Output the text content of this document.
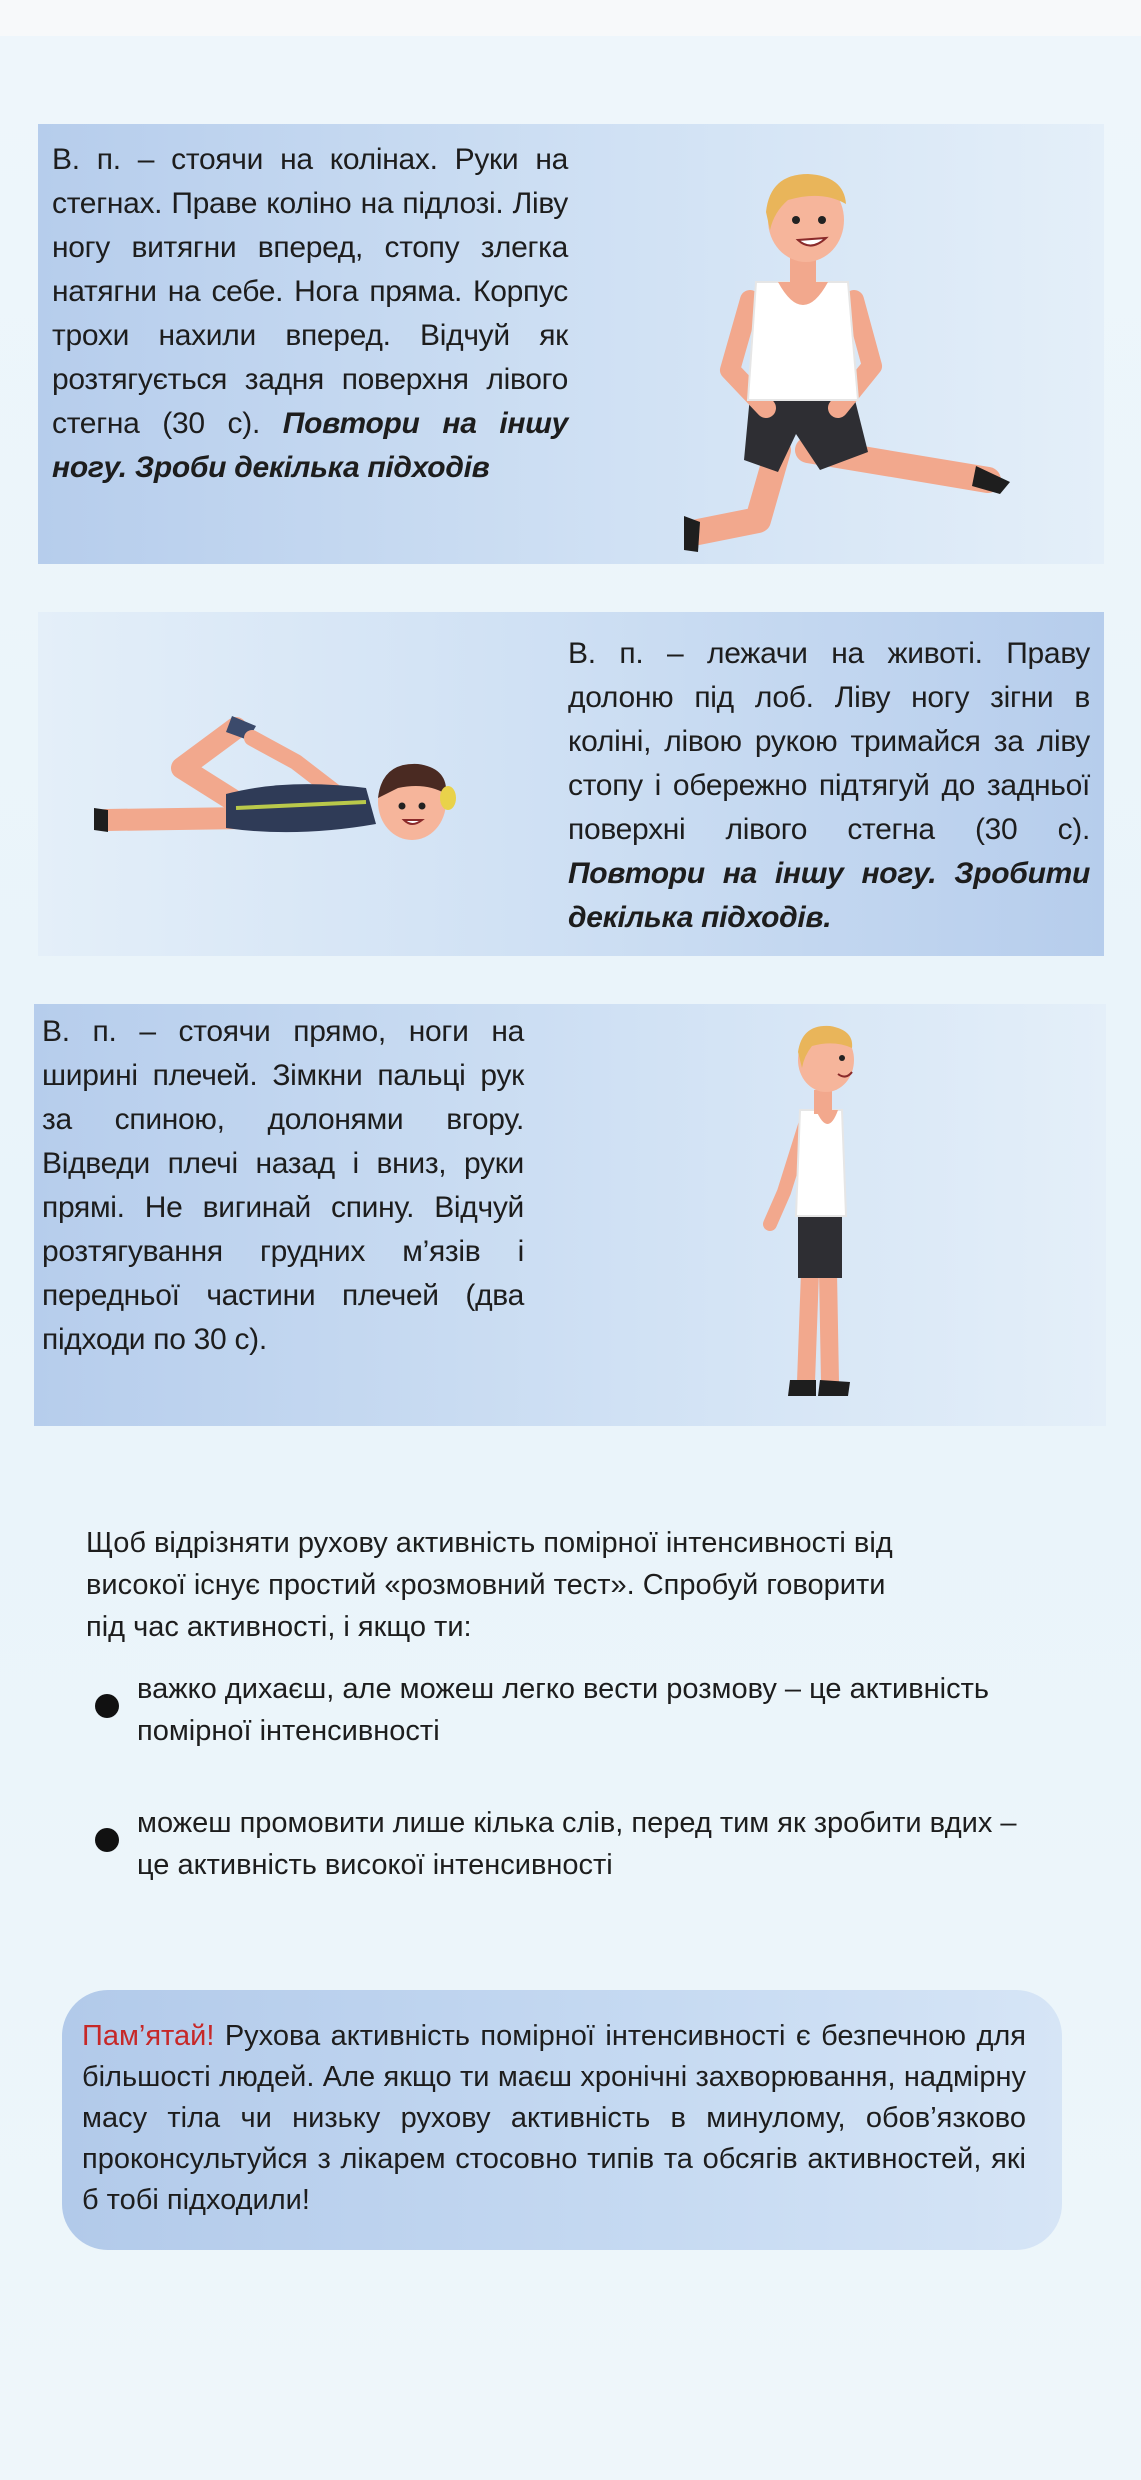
В. п. – стоячи на колінах. Руки на стегнах. Праве коліно на підлозі. Ліву ногу витягни вперед, стопу злегка натягни на себе. Нога пряма. Корпус трохи нахили вперед. Відчуй як розтягується задня поверхня лівого стегна (30 с). Повтори на іншу ногу. Зроби декілька підходів

В. п. – лежачи на животі. Праву долоню під лоб. Ліву ногу зігни в коліні, лівою рукою тримайся за ліву стопу і обережно підтягуй до задньої поверхні лівого стегна (30 с). Повтори на іншу ногу. Зробити декілька підходів.

В. п. – стоячи прямо, ноги на ширині плечей. Зімкни пальці рук за спиною, долонями вгору. Відведи плечі назад і вниз, руки прямі. Не вигинай спину. Відчуй розтягування грудних м’язів і передньої частини плечей (два підходи по 30 с).

Щоб відрізняти рухову активність помірної інтенсивності від високої існує простий «розмовний тест». Спробуй говорити під час активності, і якщо ти:

важко дихаєш, але можеш легко вести розмову – це активність помірної інтенсивності
можеш промовити лише кілька слів, перед тим як зробити вдих – це активність високої інтенсивності

Пам’ятай! Рухова активність помірної інтенсивності є безпечною для більшості людей. Але якщо ти маєш хронічні захворювання, надмірну масу тіла чи низьку рухову активність в минулому, обов’язково проконсультуйся з лікарем стосовно типів та обсягів активностей, які б тобі підходили!
